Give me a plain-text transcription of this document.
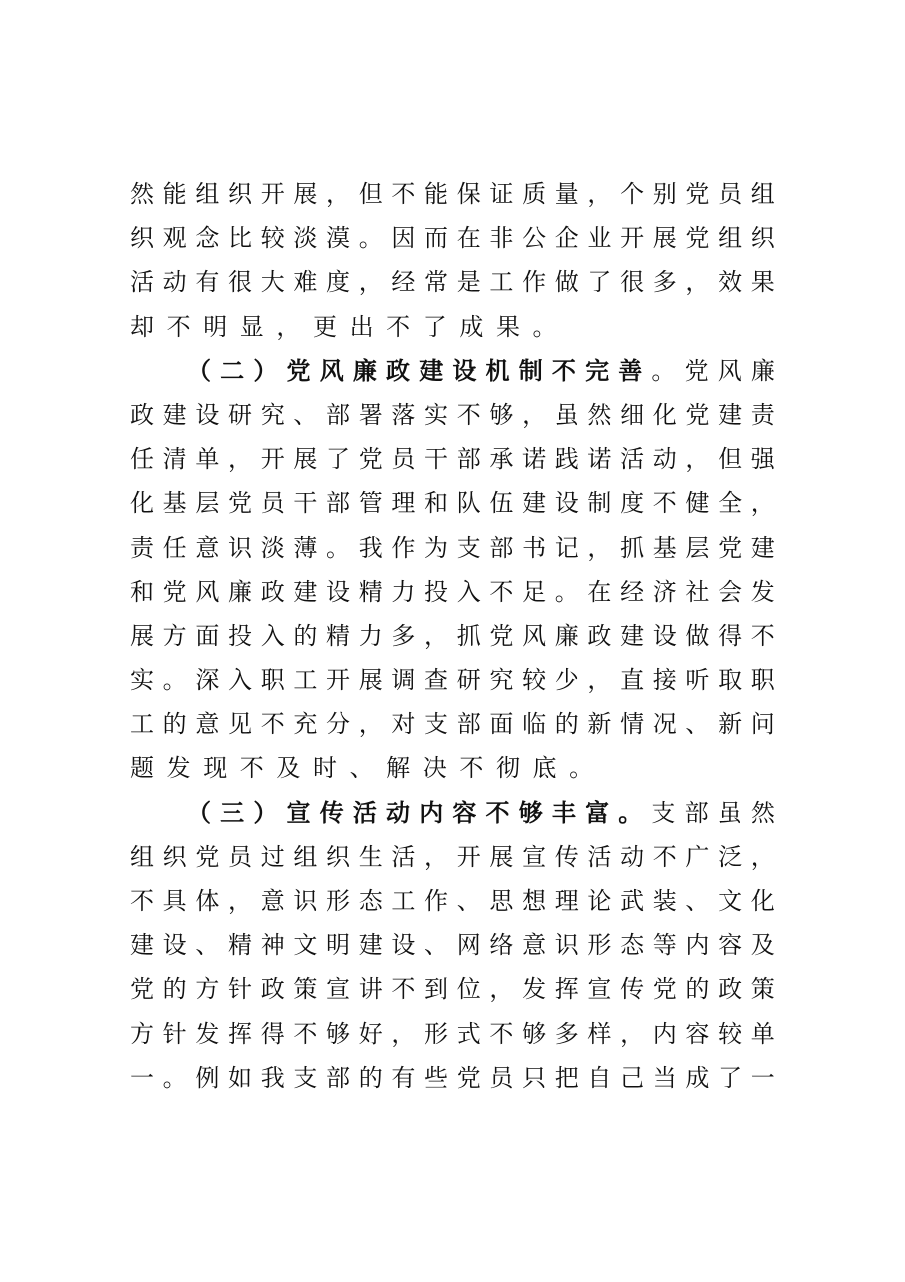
然 能 组 织 开 展 ， 但 不 能 保 证 质 量 ， 个 别 党 员 组
织 观 念 比 较 淡 漠 。 因 而 在 非 公 企 业 开 展 党 组 织
活 动 有 很 大 难 度 ， 经 常 是 工 作 做 了 很 多 ， 效 果
却 不 明 显 ， 更 出 不 了 成 果 。
（ 二 ） 党 风 廉 政 建 设 机 制 不 完 善 。 党 风 廉
政 建 设 研 究 、 部 署 落 实 不 够 ， 虽 然 细 化 党 建 责
任 清 单 ， 开 展 了 党 员 干 部 承 诺 践 诺 活 动 ， 但 强
化 基 层 党 员 干 部 管 理 和 队 伍 建 设 制 度 不 健 全 ，
责 任 意 识 淡 薄 。 我 作 为 支 部 书 记 ， 抓 基 层 党 建
和 党 风 廉 政 建 设 精 力 投 入 不 足 。 在 经 济 社 会 发
展 方 面 投 入 的 精 力 多 ， 抓 党 风 廉 政 建 设 做 得 不
实 。 深 入 职 工 开 展 调 查 研 究 较 少 ， 直 接 听 取 职
工 的 意 见 不 充 分 ， 对 支 部 面 临 的 新 情 况 、 新 问
题 发 现 不 及 时 、 解 决 不 彻 底 。
（ 三 ） 宣 传 活 动 内 容 不 够 丰 富 。 支 部 虽 然
组 织 党 员 过 组 织 生 活 ， 开 展 宣 传 活 动 不 广 泛 ，
不 具 体 ， 意 识 形 态 工 作 、 思 想 理 论 武 装 、 文 化
建 设 、 精 神 文 明 建 设 、 网 络 意 识 形 态 等 内 容 及
党 的 方 针 政 策 宣 讲 不 到 位 ， 发 挥 宣 传 党 的 政 策
方 针 发 挥 得 不 够 好 ， 形 式 不 够 多 样 ， 内 容 较 单
一 。 例 如 我 支 部 的 有 些 党 员 只 把 自 己 当 成 了 一
